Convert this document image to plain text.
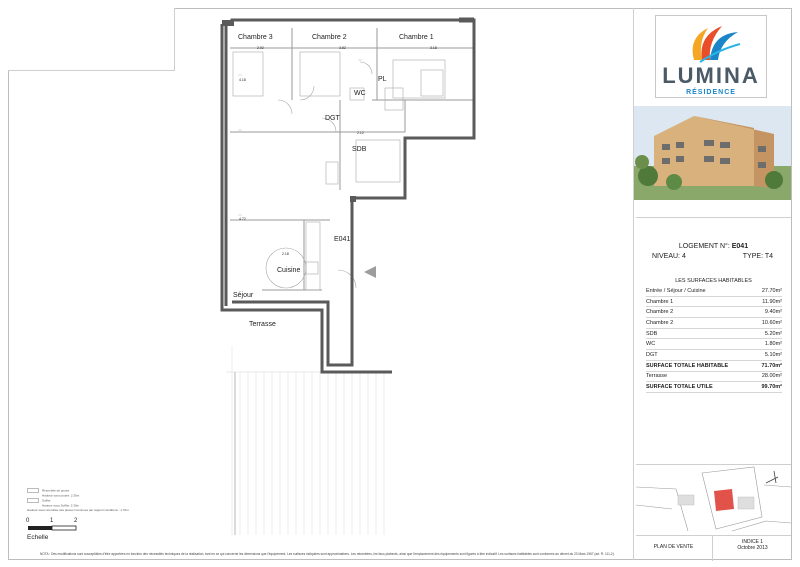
Chambre 3	Chambre 2	Chambre 1
PL
WC
DGT
SDB
E041
Cuisine
Séjour
Terrasse
2.92	3.82	3.18
2.12
4.18
4.72
2.18
Retombée de poutre
Hauteur sous poutre: 2.30m
Soffite
Hauteur sous Soffite: 2.30m
Hauteur sous retombée des pièces inconnues par rapport conditions : 1.70m
0	1	2
Echelle
NOTA : Des modifications sont susceptibles d'être apportées en fonction des nécessités techniques de la réalisation, tant en ce qui concerne les dimensions que l'équipement. Les surfaces indiquées sont approximatives. Les retombées, les faux-plafonds, ainsi que l'emplacement des équipements sont figurés à titre indicatif. Les surfaces habitables sont conformes au décret du 23 Mars 1967 (art. R. 111-2).
LUMINA
RÉSIDENCE
LOGEMENT N°: E041
NIVEAU: 4	TYPE: T4
LES SURFACES HABITABLES
Entrée / Séjour / Cuisine	27.70m²
Chambre 1	11.90m²
Chambre 2	9.40m²
Chambre 2	10.60m²
SDB	5.20m²
WC	1.80m²
DGT	5.10m²
SURFACE TOTALE HABITABLE	71.70m²
Terrasse	28.00m²
SURFACE TOTALE UTILE	99.70m²
PLAN DE VENTE
INDICE 1
Octobre 2013
